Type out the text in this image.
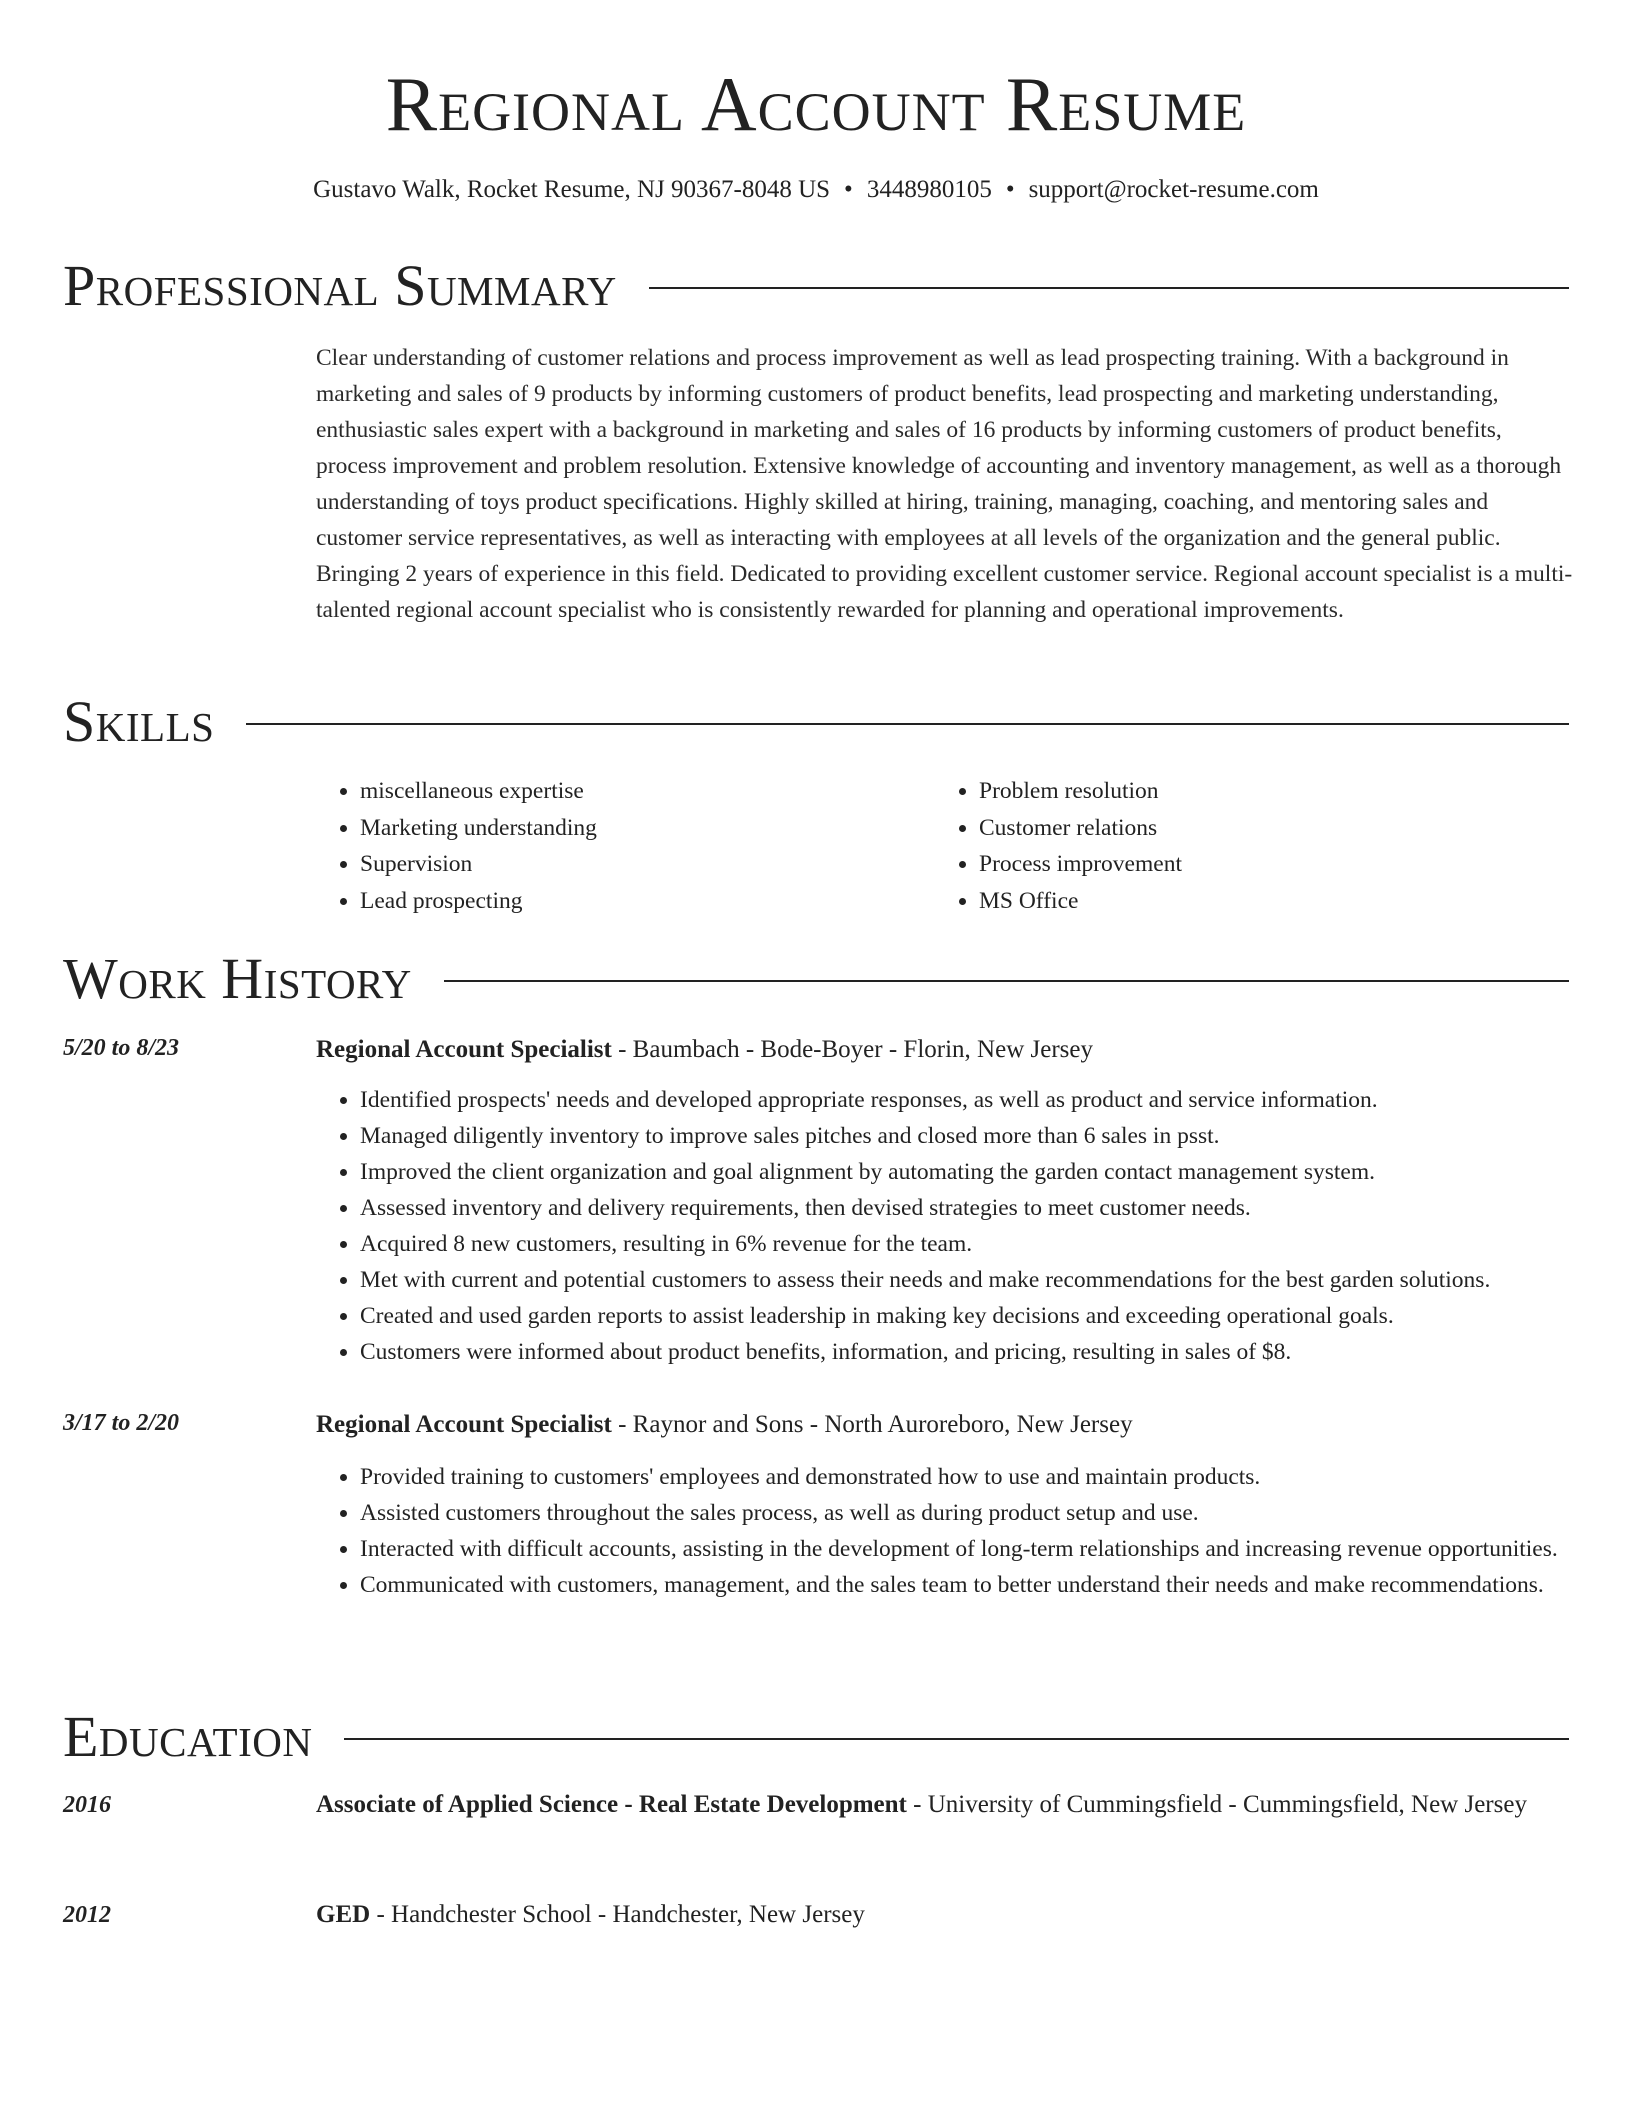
Regional Account Resume
Gustavo Walk, Rocket Resume, NJ 90367-8048 US • 3448980105 • support@rocket-resume.com
Professional Summary

Clear understanding of customer relations and process improvement as well as lead prospecting training. With a background in marketing and sales of 9 products by informing customers of product benefits, lead prospecting and marketing understanding, enthusiastic sales expert with a background in marketing and sales of 16 products by informing customers of product benefits, process improvement and problem resolution. Extensive knowledge of accounting and inventory management, as well as a thorough understanding of toys product specifications. Highly skilled at hiring, training, managing, coaching, and mentoring sales and customer service representatives, as well as interacting with employees at all levels of the organization and the general public. Bringing 2 years of experience in this field. Dedicated to providing excellent customer service. Regional account specialist is a multi-talented regional account specialist who is consistently rewarded for planning and operational improvements.

Skills
• miscellaneous expertise
• Marketing understanding
• Supervision
• Lead prospecting
• Problem resolution
• Customer relations
• Process improvement
• MS Office
Work History
5/20 to 8/23	Regional Account Specialist - Baumbach - Bode-Boyer - Florin, New Jersey
• Identified prospects' needs and developed appropriate responses, as well as product and service information.
• Managed diligently inventory to improve sales pitches and closed more than 6 sales in psst.
• Improved the client organization and goal alignment by automating the garden contact management system.
• Assessed inventory and delivery requirements, then devised strategies to meet customer needs.
• Acquired 8 new customers, resulting in 6% revenue for the team.
• Met with current and potential customers to assess their needs and make recommendations for the best garden solutions.
• Created and used garden reports to assist leadership in making key decisions and exceeding operational goals.
• Customers were informed about product benefits, information, and pricing, resulting in sales of $8.
3/17 to 2/20	Regional Account Specialist - Raynor and Sons - North Auroreboro, New Jersey
• Provided training to customers' employees and demonstrated how to use and maintain products.
• Assisted customers throughout the sales process, as well as during product setup and use.
• Interacted with difficult accounts, assisting in the development of long-term relationships and increasing revenue opportunities.
• Communicated with customers, management, and the sales team to better understand their needs and make recommendations.
Education
2016	Associate of Applied Science - Real Estate Development - University of Cummingsfield - Cummingsfield, New Jersey
2012	GED - Handchester School - Handchester, New Jersey
